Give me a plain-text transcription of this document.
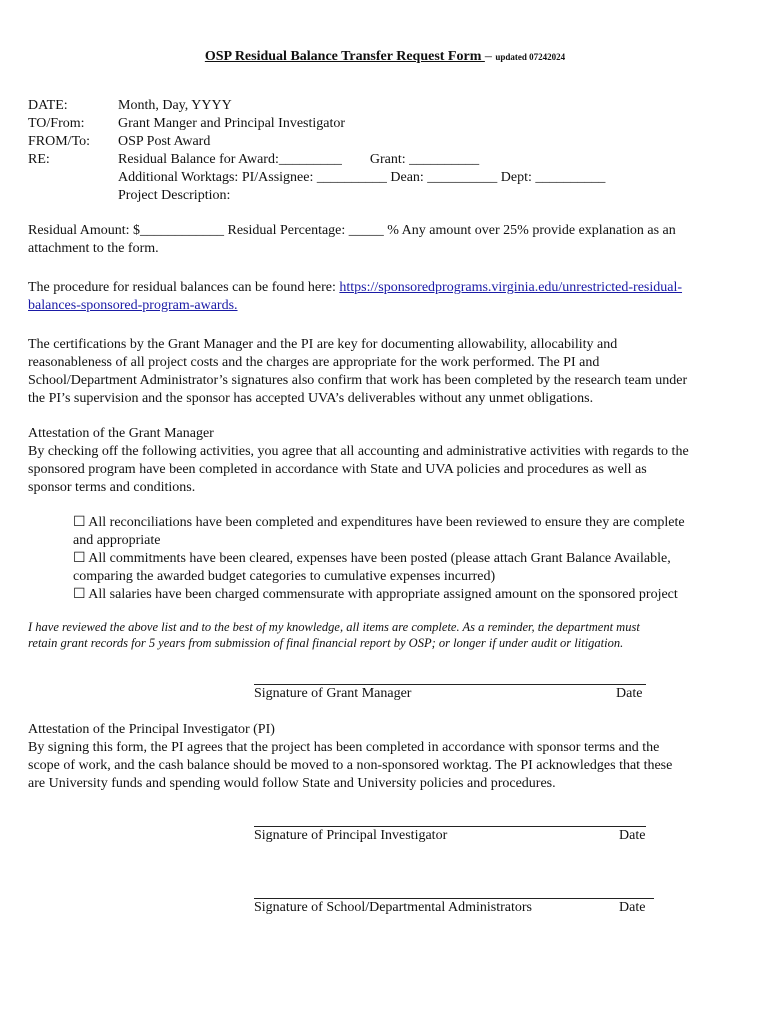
OSP Residual Balance Transfer Request Form – updated 07242024
DATE:	Month, Day, YYYY
TO/From:	Grant Manger and Principal Investigator
FROM/To:	OSP Post Award
RE:	Residual Balance for Award:_________ Grant: __________
Additional Worktags: PI/Assignee: __________ Dean: __________ Dept: __________
Project Description:
Residual Amount: $____________ Residual Percentage: _____ % Any amount over 25% provide explanation as an
attachment to the form.
The procedure for residual balances can be found here: https://sponsoredprograms.virginia.edu/unrestricted-residual-
balances-sponsored-program-awards.
The certifications by the Grant Manager and the PI are key for documenting allowability, allocability and
reasonableness of all project costs and the charges are appropriate for the work performed. The PI and
School/Department Administrator’s signatures also confirm that work has been completed by the research team under
the PI’s supervision and the sponsor has accepted UVA’s deliverables without any unmet obligations.
Attestation of the Grant Manager
By checking off the following activities, you agree that all accounting and administrative activities with regards to the
sponsored program have been completed in accordance with State and UVA policies and procedures as well as
sponsor terms and conditions.
☐ All reconciliations have been completed and expenditures have been reviewed to ensure they are complete
and appropriate
☐ All commitments have been cleared, expenses have been posted (please attach Grant Balance Available,
comparing the awarded budget categories to cumulative expenses incurred)
☐ All salaries have been charged commensurate with appropriate assigned amount on the sponsored project
I have reviewed the above list and to the best of my knowledge, all items are complete. As a reminder, the department must
retain grant records for 5 years from submission of final financial report by OSP; or longer if under audit or litigation.
Signature of Grant Manager	Date
Attestation of the Principal Investigator (PI)
By signing this form, the PI agrees that the project has been completed in accordance with sponsor terms and the
scope of work, and the cash balance should be moved to a non-sponsored worktag. The PI acknowledges that these
are University funds and spending would follow State and University policies and procedures.
Signature of Principal Investigator	Date
Signature of School/Departmental Administrators	Date
